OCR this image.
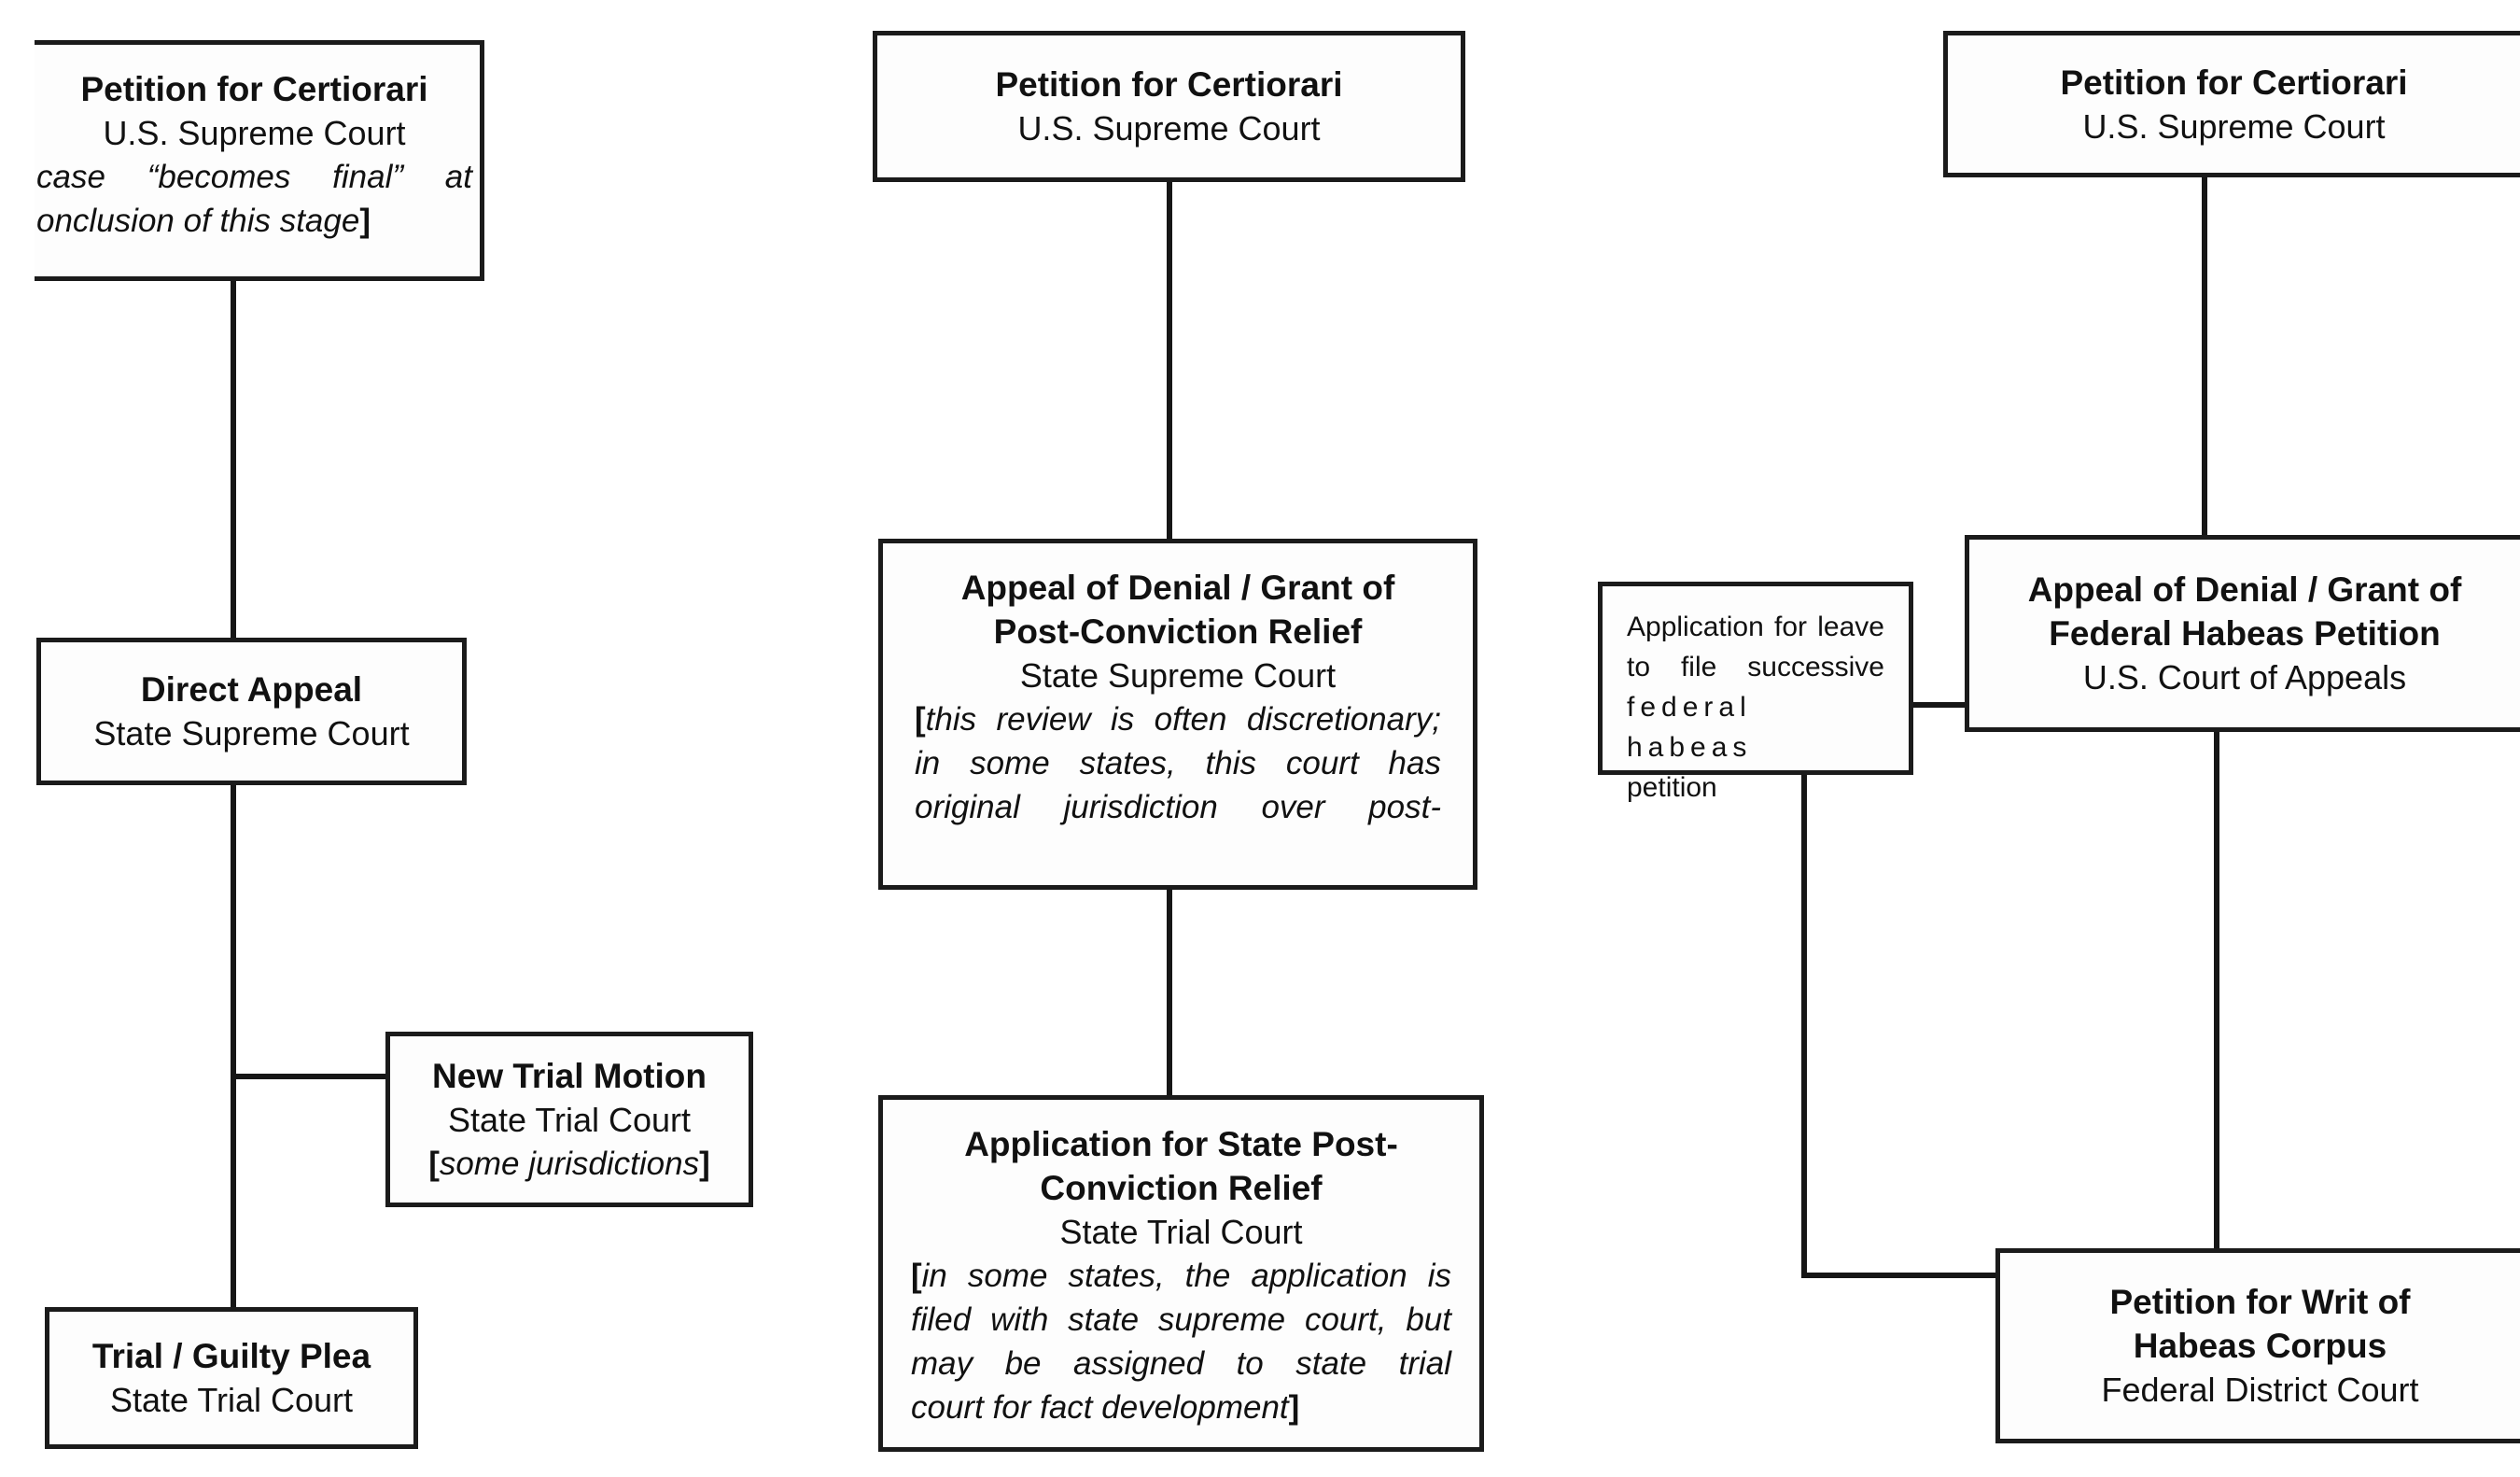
Petition for Certiorari
U.S. Supreme Court
case “becomes final” at
onclusion of this stage]
Direct Appeal
State Supreme Court
New Trial Motion
State Trial Court
[some jurisdictions]
Trial / Guilty Plea
State Trial Court
Petition for Certiorari
U.S. Supreme Court
Appeal of Denial / Grant of
Post-Conviction Relief
State Supreme Court
[this review is often discretionary;
in some states, this court has
original jurisdiction over post-
Application for State Post-
Conviction Relief
State Trial Court
[in some states, the application is
filed with state supreme court, but
may be assigned to state trial
court for fact development]
Petition for Certiorari
U.S. Supreme Court
Appeal of Denial / Grant of
Federal Habeas Petition
U.S. Court of Appeals
Application for leave
to file successive
federal habeas
petition
Petition for Writ of
Habeas Corpus
Federal District Court
